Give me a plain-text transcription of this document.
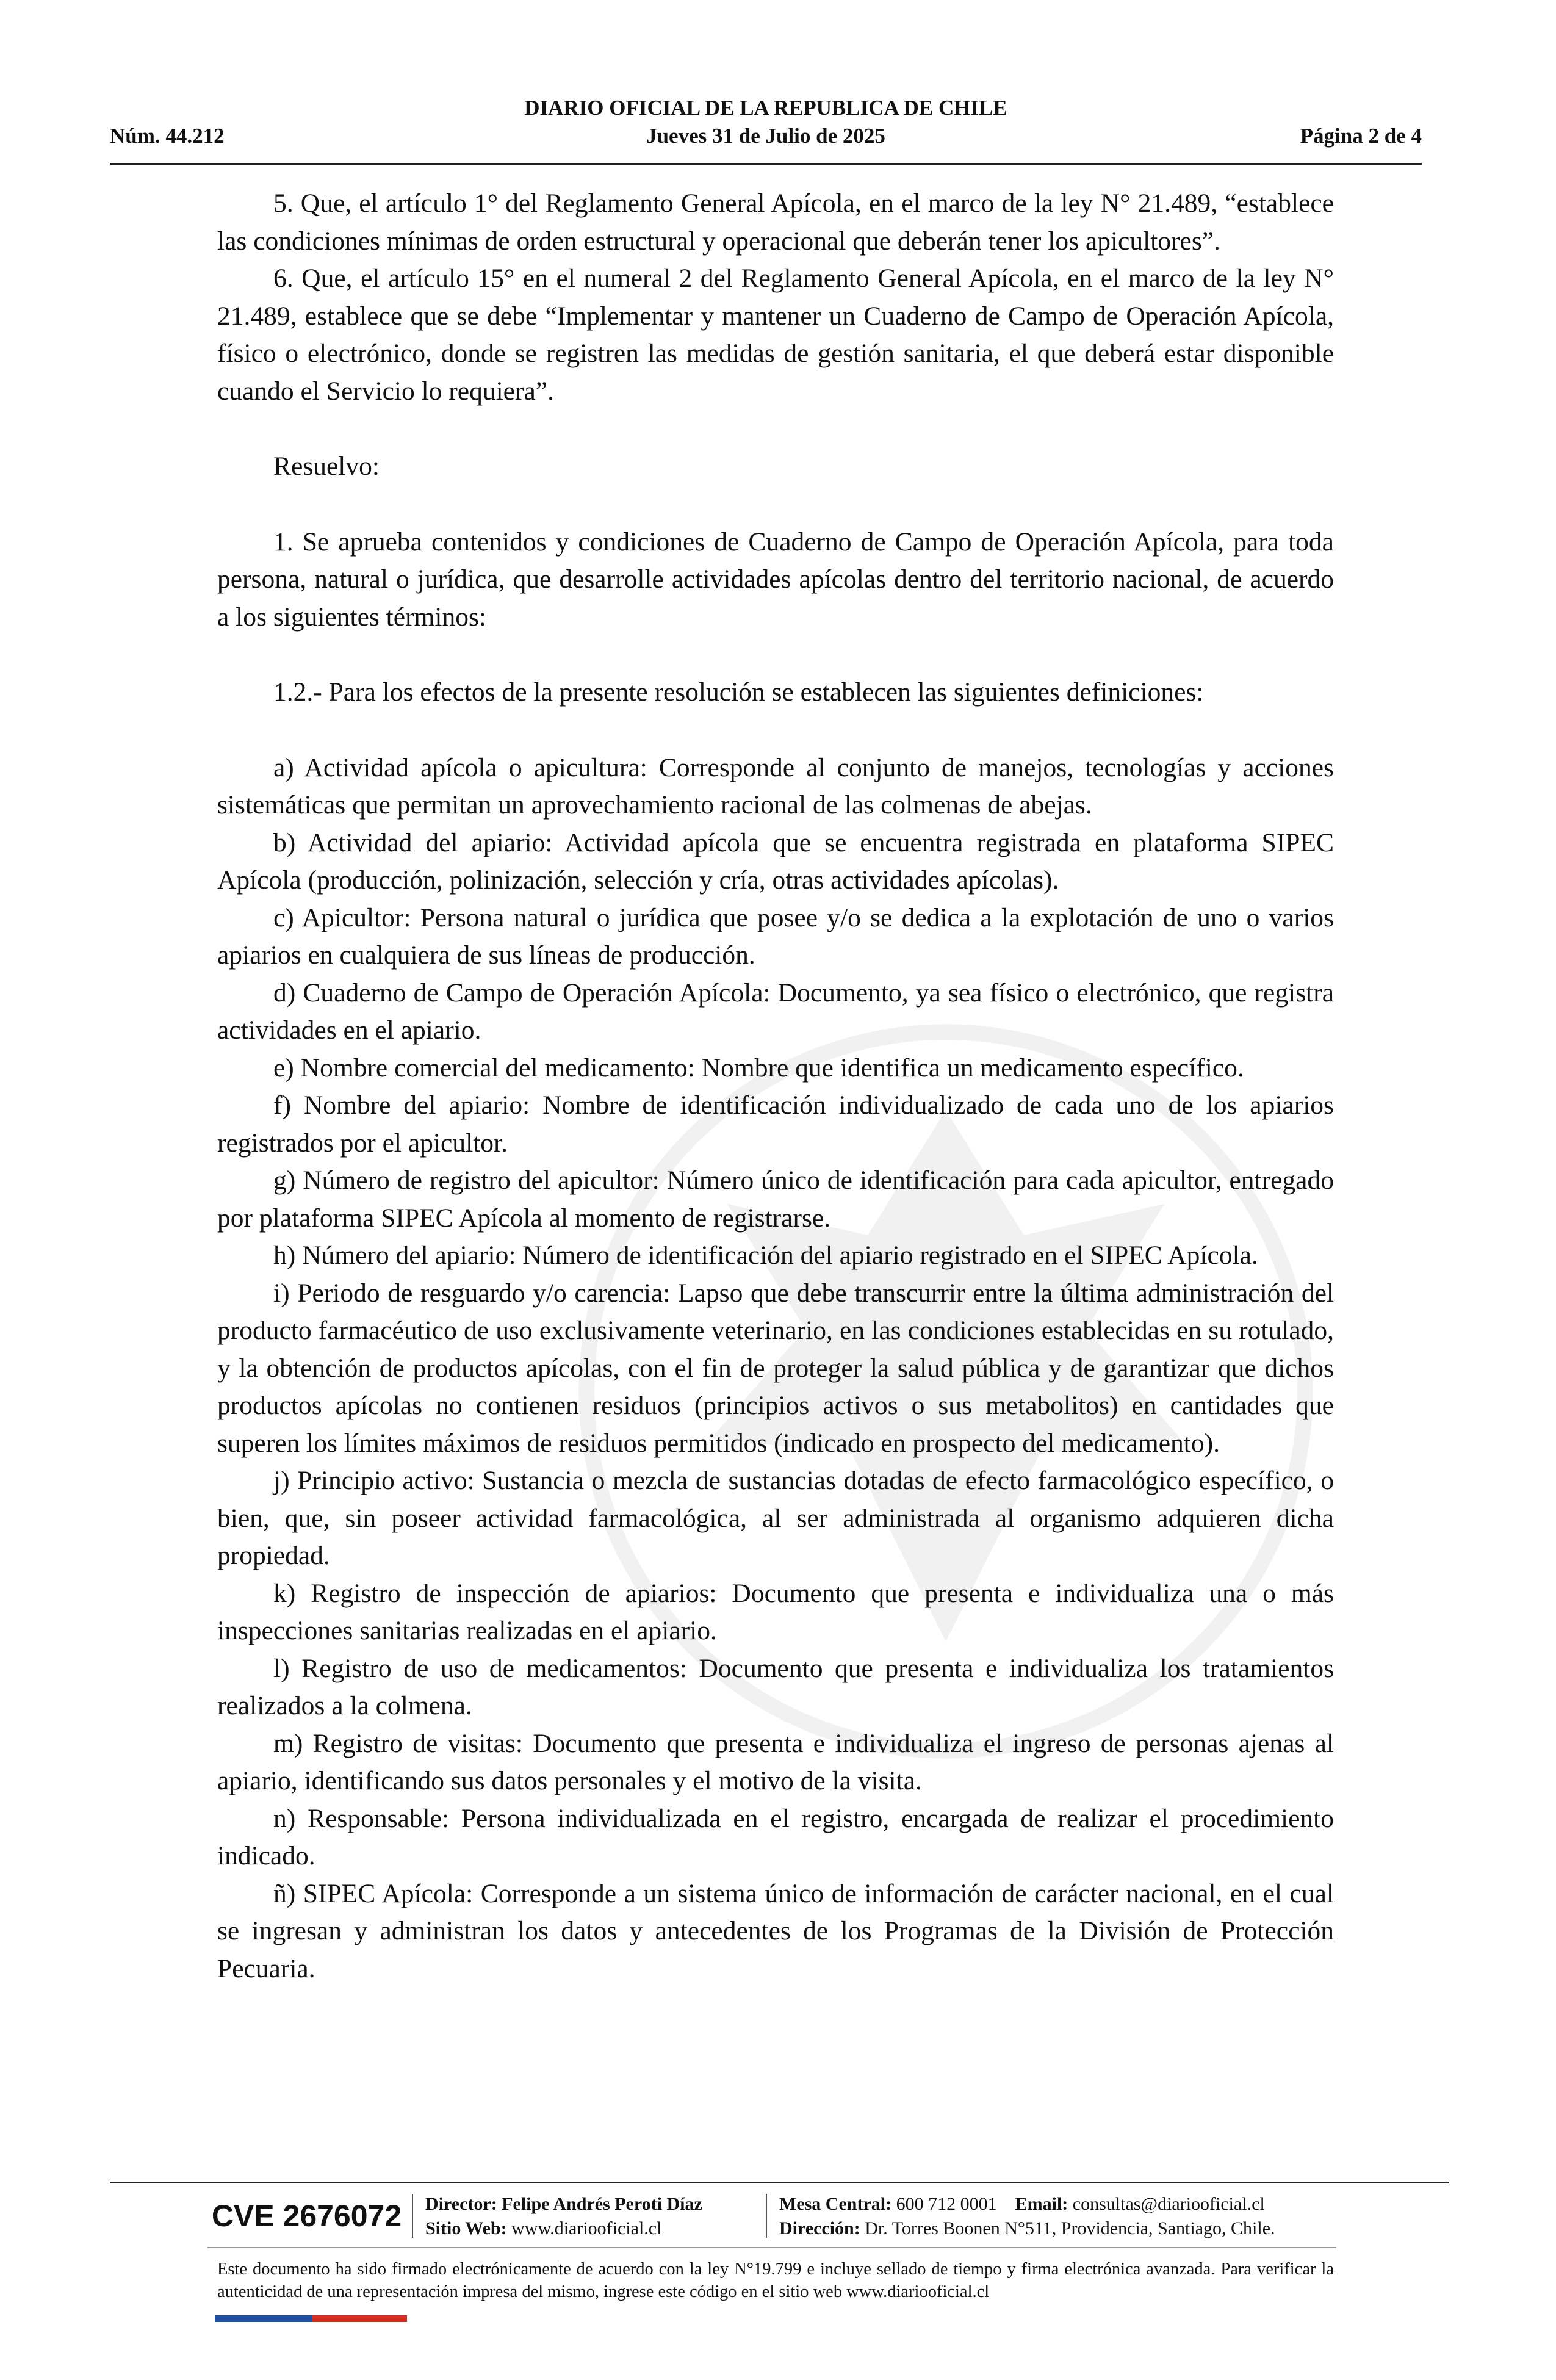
DIARIO OFICIAL DE LA REPUBLICA DE CHILE
Núm. 44.212	Jueves 31 de Julio de 2025	Página 2 de 4

5. Que, el artículo 1° del Reglamento General Apícola, en el marco de la ley N° 21.489, “establece las condiciones mínimas de orden estructural y operacional que deberán tener los apicultores”.

6. Que, el artículo 15° en el numeral 2 del Reglamento General Apícola, en el marco de la ley N° 21.489, establece que se debe “Implementar y mantener un Cuaderno de Campo de Operación Apícola, físico o electrónico, donde se registren las medidas de gestión sanitaria, el que deberá estar disponible cuando el Servicio lo requiera”.

Resuelvo:

1. Se aprueba contenidos y condiciones de Cuaderno de Campo de Operación Apícola, para toda persona, natural o jurídica, que desarrolle actividades apícolas dentro del territorio nacional, de acuerdo a los siguientes términos:

1.2.- Para los efectos de la presente resolución se establecen las siguientes definiciones:

a) Actividad apícola o apicultura: Corresponde al conjunto de manejos, tecnologías y acciones sistemáticas que permitan un aprovechamiento racional de las colmenas de abejas.

b) Actividad del apiario: Actividad apícola que se encuentra registrada en plataforma SIPEC Apícola (producción, polinización, selección y cría, otras actividades apícolas).

c) Apicultor: Persona natural o jurídica que posee y/o se dedica a la explotación de uno o varios apiarios en cualquiera de sus líneas de producción.

d) Cuaderno de Campo de Operación Apícola: Documento, ya sea físico o electrónico, que registra actividades en el apiario.

e) Nombre comercial del medicamento: Nombre que identifica un medicamento específico.

f) Nombre del apiario: Nombre de identificación individualizado de cada uno de los apiarios registrados por el apicultor.

g) Número de registro del apicultor: Número único de identificación para cada apicultor, entregado por plataforma SIPEC Apícola al momento de registrarse.

h) Número del apiario: Número de identificación del apiario registrado en el SIPEC Apícola.

i) Periodo de resguardo y/o carencia: Lapso que debe transcurrir entre la última administración del producto farmacéutico de uso exclusivamente veterinario, en las condiciones establecidas en su rotulado, y la obtención de productos apícolas, con el fin de proteger la salud pública y de garantizar que dichos productos apícolas no contienen residuos (principios activos o sus metabolitos) en cantidades que superen los límites máximos de residuos permitidos (indicado en prospecto del medicamento).

j) Principio activo: Sustancia o mezcla de sustancias dotadas de efecto farmacológico específico, o bien, que, sin poseer actividad farmacológica, al ser administrada al organismo adquieren dicha propiedad.

k) Registro de inspección de apiarios: Documento que presenta e individualiza una o más inspecciones sanitarias realizadas en el apiario.

l) Registro de uso de medicamentos: Documento que presenta e individualiza los tratamientos realizados a la colmena.

m) Registro de visitas: Documento que presenta e individualiza el ingreso de personas ajenas al apiario, identificando sus datos personales y el motivo de la visita.

n) Responsable: Persona individualizada en el registro, encargada de realizar el procedimiento indicado.

ñ) SIPEC Apícola: Corresponde a un sistema único de información de carácter nacional, en el cual se ingresan y administran los datos y antecedentes de los Programas de la División de Protección Pecuaria.

CVE 2676072 Director: Felipe Andrés Peroti Díaz
Sitio Web: www.diariooficial.cl
Mesa Central: 600 712 0001 Email: consultas@diariooficial.cl
Dirección: Dr. Torres Boonen N°511, Providencia, Santiago, Chile.
Este documento ha sido firmado electrónicamente de acuerdo con la ley N°19.799 e incluye sellado de tiempo y firma electrónica avanzada. Para verificar la autenticidad de una representación impresa del mismo, ingrese este código en el sitio web www.diariooficial.cl
